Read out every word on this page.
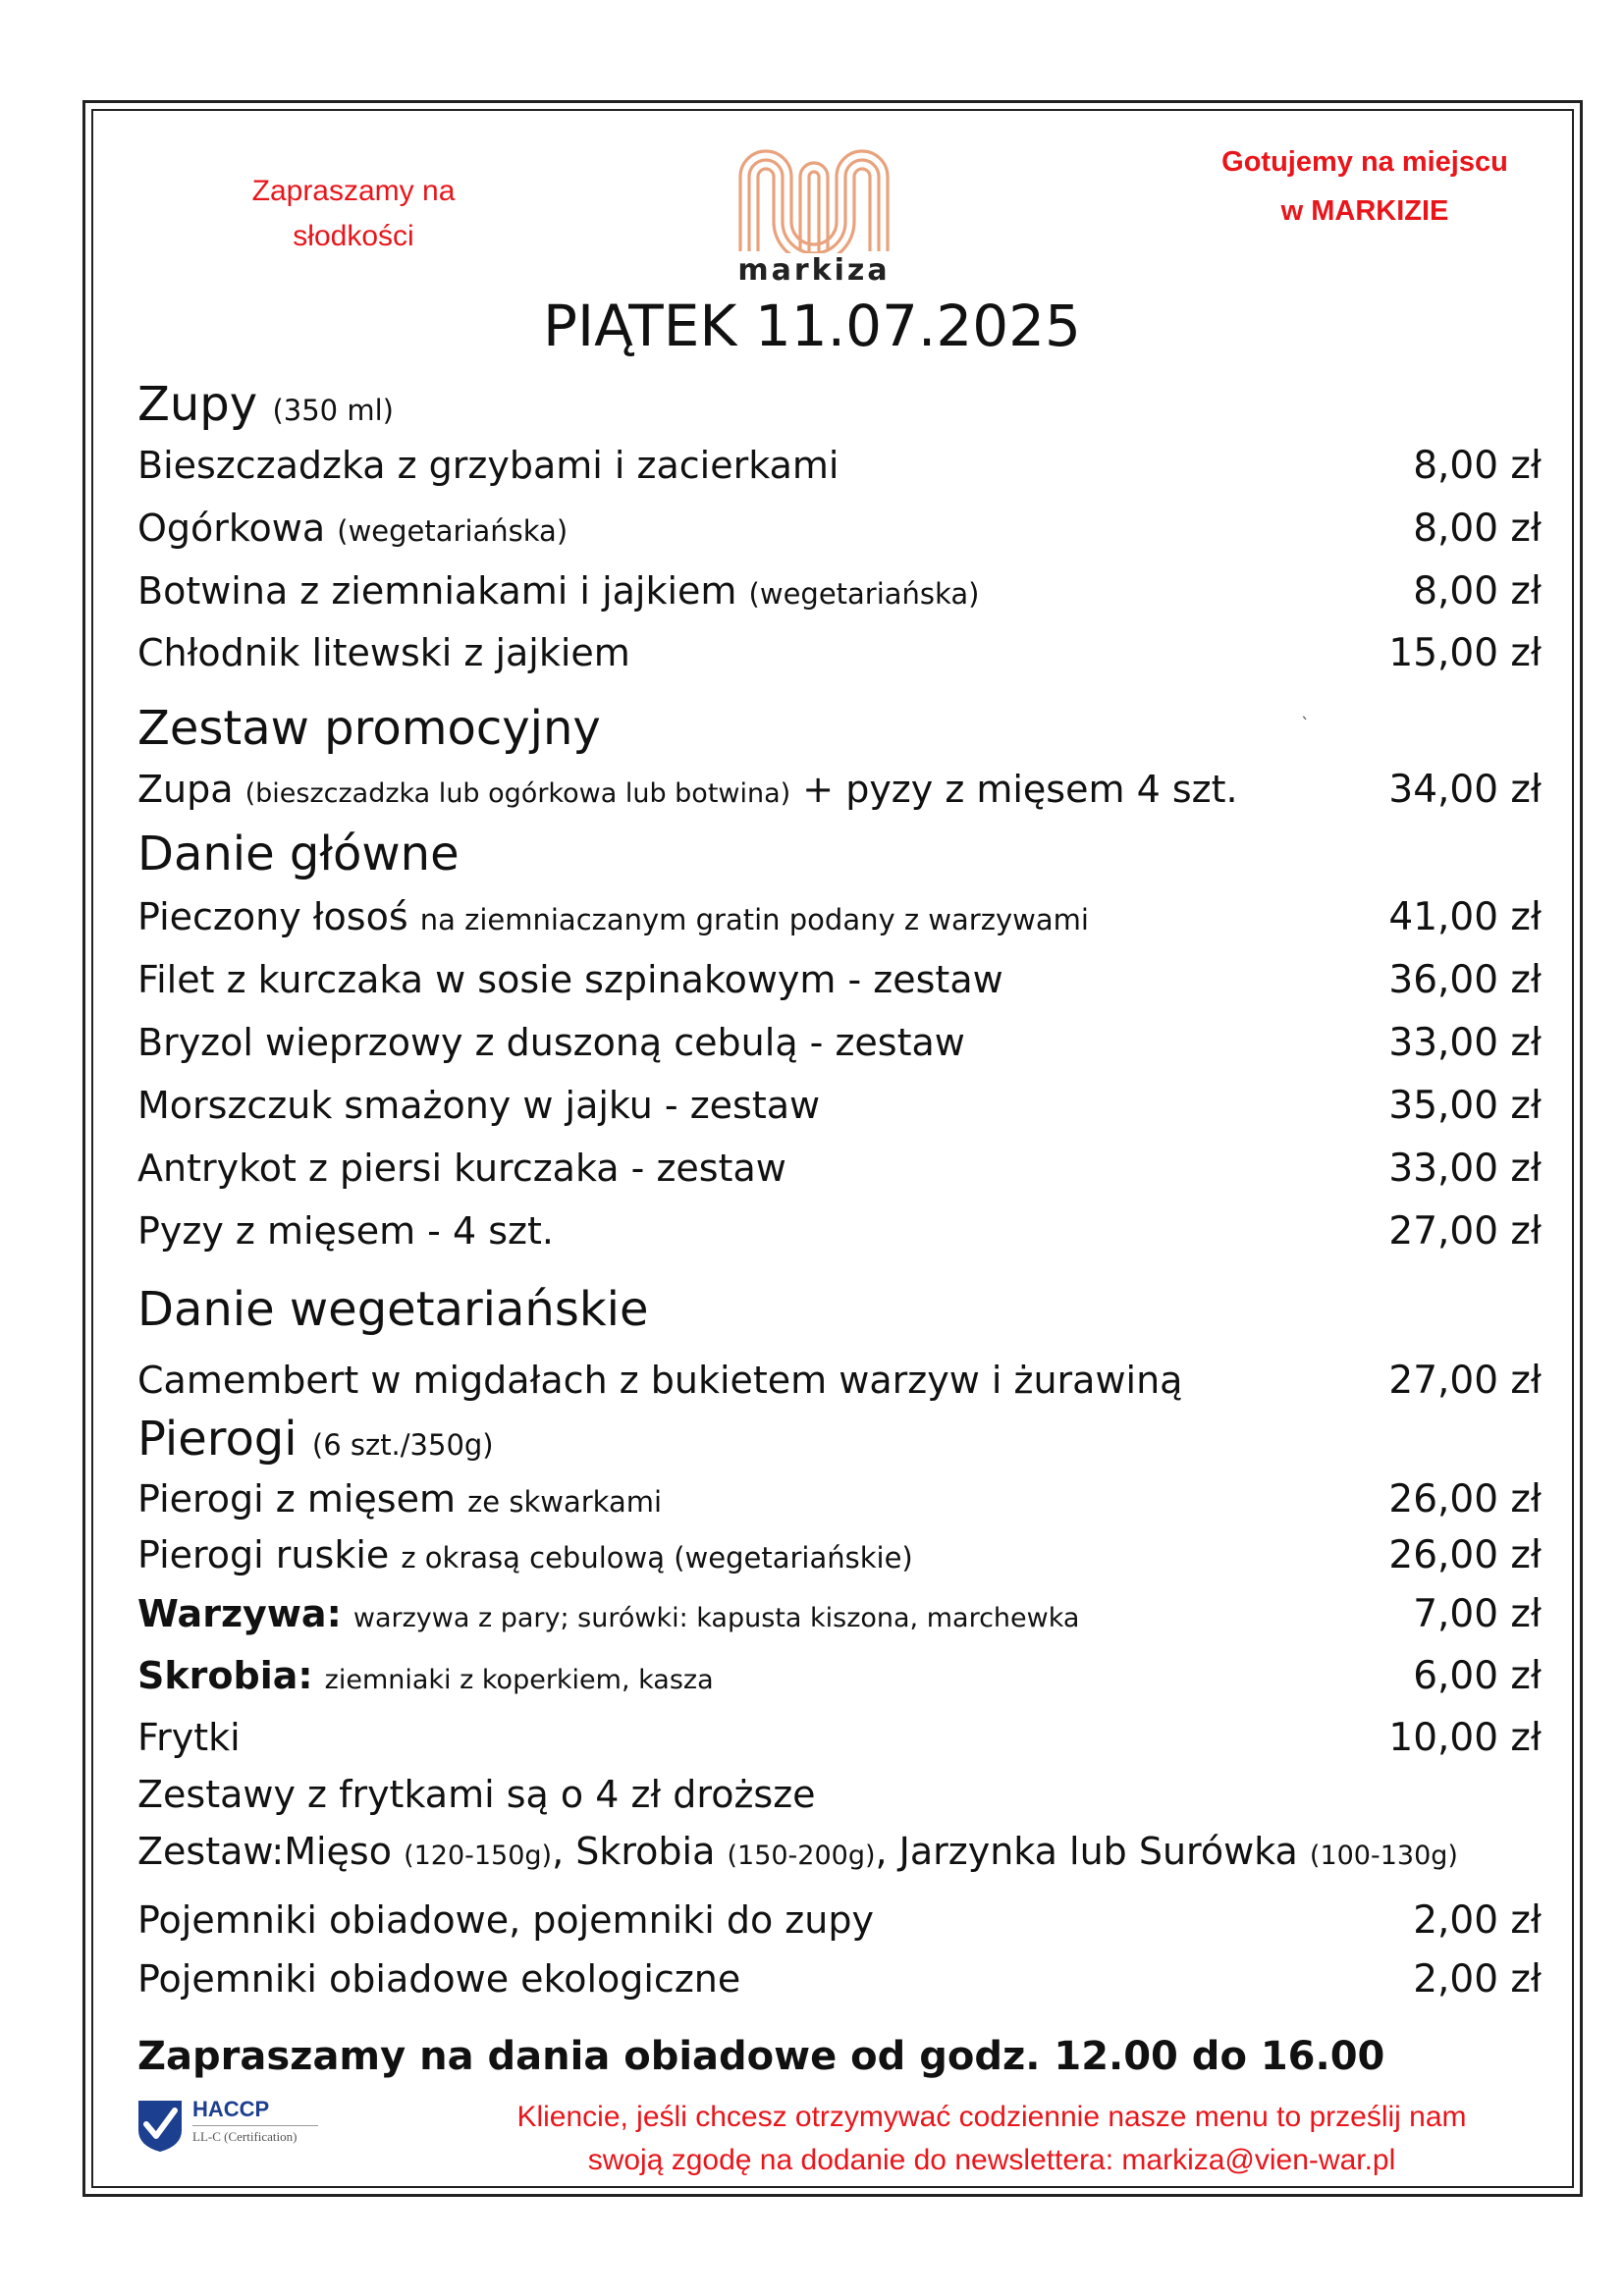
Zapraszamy na
słodkości
Gotujemy na miejscu
w MARKIZIE
markiza
PIĄTEK 11.07.2025
Zupy (350 ml)
Bieszczadzka z grzybami i zacierkami	8,00 zł
Ogórkowa (wegetariańska)	8,00 zł
Botwina z ziemniakami i jajkiem (wegetariańska)	8,00 zł
Chłodnik litewski z jajkiem	15,00 zł
Zestaw promocyjny	`
Zupa (bieszczadzka lub ogórkowa lub botwina) + pyzy z mięsem 4 szt.	34,00 zł
Danie główne
Pieczony łosoś na ziemniaczanym gratin podany z warzywami	41,00 zł
Filet z kurczaka w sosie szpinakowym - zestaw	36,00 zł
Bryzol wieprzowy z duszoną cebulą - zestaw	33,00 zł
Morszczuk smażony w jajku - zestaw	35,00 zł
Antrykot z piersi kurczaka - zestaw	33,00 zł
Pyzy z mięsem - 4 szt.	27,00 zł
Danie wegetariańskie
Camembert w migdałach z bukietem warzyw i żurawiną	27,00 zł
Pierogi (6 szt./350g)
Pierogi z mięsem ze skwarkami	26,00 zł
Pierogi ruskie z okrasą cebulową (wegetariańskie)	26,00 zł
Warzywa: warzywa z pary; surówki: kapusta kiszona, marchewka	7,00 zł
Skrobia: ziemniaki z koperkiem, kasza	6,00 zł
Frytki	10,00 zł
Zestawy z frytkami są o 4 zł droższe
Zestaw:Mięso (120-150g), Skrobia (150-200g), Jarzynka lub Surówka (100-130g)
Pojemniki obiadowe, pojemniki do zupy	2,00 zł
Pojemniki obiadowe ekologiczne	2,00 zł
Zapraszamy na dania obiadowe od godz. 12.00 do 16.00
HACCP
LL-C (Certification)
Kliencie, jeśli chcesz otrzymywać codziennie nasze menu to prześlij nam
swoją zgodę na dodanie do newslettera: markiza@vien-war.pl
